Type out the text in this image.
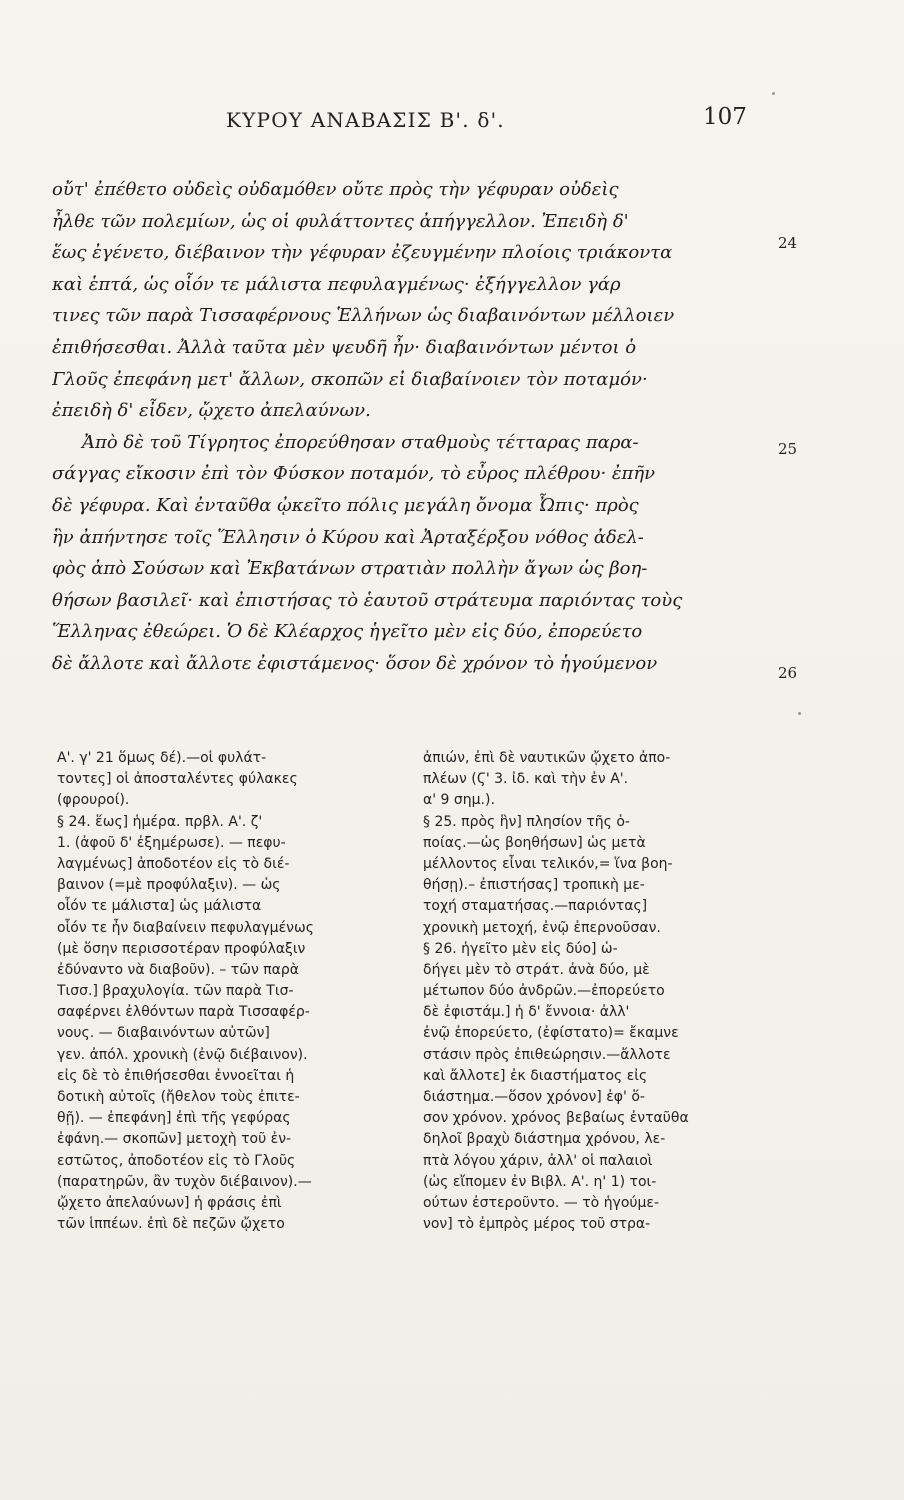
ΚΥΡΟΥ ΑΝΑΒΑΣΙΣ Β'. δ'.	107
οὔτ' ἐπέθετο οὐδεὶς οὐδαμόθεν οὔτε πρὸς τὴν γέφυραν οὐδεὶς
ἦλθε τῶν πολεμίων, ὡς οἱ φυλάττοντες ἀπήγγελλον. Ἐπειδὴ δ'
ἕως ἐγένετο, διέβαινον τὴν γέφυραν ἐζευγμένην πλοίοις τριάκοντα
καὶ ἑπτά, ὡς οἷόν τε μάλιστα πεφυλαγμένως· ἐξήγγελλον γάρ
τινες τῶν παρὰ Τισσαφέρνους Ἑλλήνων ὡς διαβαινόντων μέλλοιεν
ἐπιθήσεσθαι. Ἀλλὰ ταῦτα μὲν ψευδῆ ἦν· διαβαινόντων μέντοι ὁ
Γλοῦς ἐπεφάνη μετ' ἄλλων, σκοπῶν εἰ διαβαίνοιεν τὸν ποταμόν·
ἐπειδὴ δ' εἶδεν, ᾤχετο ἀπελαύνων.
Ἀπὸ δὲ τοῦ Τίγρητος ἐπορεύθησαν σταθμοὺς τέτταρας παρα-
σάγγας εἴκοσιν ἐπὶ τὸν Φύσκον ποταμόν, τὸ εὖρος πλέθρου· ἐπῆν
δὲ γέφυρα. Καὶ ἐνταῦθα ᾠκεῖτο πόλις μεγάλη ὄνομα Ὦπις· πρὸς
ἣν ἀπήντησε τοῖς Ἕλλησιν ὁ Κύρου καὶ Ἀρταξέρξου νόθος ἀδελ-
φὸς ἀπὸ Σούσων καὶ Ἐκβατάνων στρατιὰν πολλὴν ἄγων ὡς βοη-
θήσων βασιλεῖ· καὶ ἐπιστήσας τὸ ἑαυτοῦ στράτευμα παριόντας τοὺς
Ἕλληνας ἐθεώρει. Ὁ δὲ Κλέαρχος ἡγεῖτο μὲν εἰς δύο, ἐπορεύετο
δὲ ἄλλοτε καὶ ἄλλοτε ἐφιστάμενος· ὅσον δὲ χρόνον τὸ ἡγούμενον
24
25
26
Α'. γ' 21 ὅμως δέ).—οἱ φυλάτ-
τοντες] οἱ ἀποσταλέντες φύλακες
(φρουροί).
§ 24. ἕως] ἡμέρα. πρβλ. Α'. ζ'
1. (ἀφοῦ δ' ἐξημέρωσε). — πεφυ-
λαγμένως] ἀποδοτέον εἰς τὸ διέ-
βαινον (=μὲ προφύλαξιν). — ὡς
οἷόν τε μάλιστα] ὡς μάλιστα
οἷόν τε ἦν διαβαίνειν πεφυλαγμένως
(μὲ ὅσην περισσοτέραν προφύλαξιν
ἐδύναντο νὰ διαβοῦν). – τῶν παρὰ
Τισσ.] βραχυλογία. τῶν παρὰ Τισ-
σαφέρνει ἐλθόντων παρὰ Τισσαφέρ-
νους. — διαβαινόντων αὐτῶν]
γεν. ἀπόλ. χρονικὴ (ἐνῷ διέβαινον).
εἰς δὲ τὸ ἐπιθήσεσθαι ἐννοεῖται ἡ
δοτικὴ αὐτοῖς (ἤθελον τοὺς ἐπιτε-
θῇ). — ἐπεφάνη] ἐπὶ τῆς γεφύρας
ἐφάνη.— σκοπῶν] μετοχὴ τοῦ ἐν-
εστῶτος, ἀποδοτέον εἰς τὸ Γλοῦς
(παρατηρῶν, ἂν τυχὸν διέβαινον).—
ᾤχετο ἀπελαύνων] ἡ φράσις ἐπὶ
τῶν ἱππέων. ἐπὶ δὲ πεζῶν ᾤχετο
ἀπιών, ἐπὶ δὲ ναυτικῶν ᾤχετο ἀπο-
πλέων (Ϛ' 3. ἰδ. καὶ τὴν ἐν Α'.
α' 9 σημ.).
§ 25. πρὸς ἣν] πλησίον τῆς ὁ-
ποίας.—ὡς βοηθήσων] ὡς μετὰ
μέλλοντος εἶναι τελικόν,= ἵνα βοη-
θήσῃ).– ἐπιστήσας] τροπικὴ με-
τοχή σταματήσας.—παριόντας]
χρονικὴ μετοχή, ἐνῷ ἐπερνοῦσαν.
§ 26. ἡγεῖτο μὲν εἰς δύο] ὡ-
δήγει μὲν τὸ στράτ. ἀνὰ δύο, μὲ
μέτωπον δύο ἀνδρῶν.—ἐπορεύετο
δὲ ἐφιστάμ.] ἡ δ' ἔννοια· ἀλλ'
ἐνῷ ἐπορεύετο, (ἐφίστατο)= ἔκαμνε
στάσιν πρὸς ἐπιθεώρησιν.—ἄλλοτε
καὶ ἄλλοτε] ἐκ διαστήματος εἰς
διάστημα.—ὅσον χρόνον] ἐφ' ὅ-
σον χρόνον. χρόνος βεβαίως ἐνταῦθα
δηλοῖ βραχὺ διάστημα χρόνου, λε-
πτὰ λόγου χάριν, ἀλλ' οἱ παλαιοὶ
(ὡς εἴπομεν ἐν Βιβλ. Α'. η' 1) τοι-
ούτων ἐστεροῦντο. — τὸ ἡγούμε-
νον] τὸ ἐμπρὸς μέρος τοῦ στρα-
